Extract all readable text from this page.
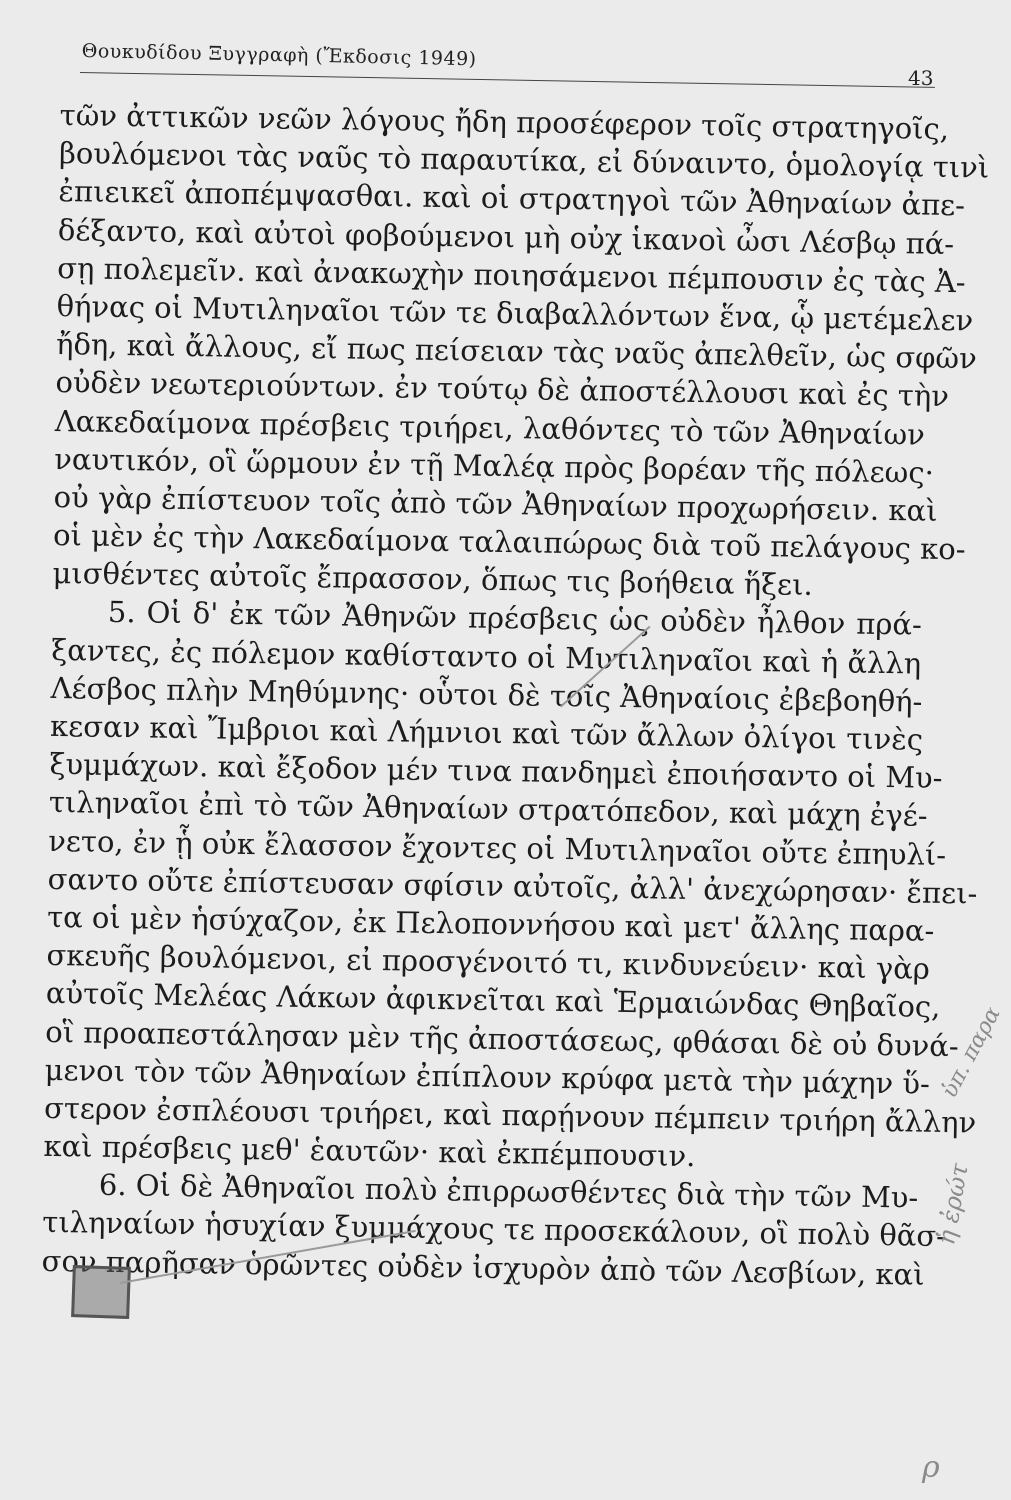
Θουκυδίδου Ξυγγραφὴ (Ἔκδοσις 1949)
43
τῶν ἀττικῶν νεῶν λόγους ἤδη προσέφερον τοῖς στρατηγοῖς,
βουλόμενοι τὰς ναῦς τὸ παραυτίκα, εἰ δύναιντο, ὁμολογίᾳ τινὶ
ἐπιεικεῖ ἀποπέμψασθαι. καὶ οἱ στρατηγοὶ τῶν Ἀθηναίων ἀπε-
δέξαντο, καὶ αὐτοὶ φοβούμενοι μὴ οὐχ ἱκανοὶ ὦσι Λέσβῳ πά-
σῃ πολεμεῖν. καὶ ἀνακωχὴν ποιησάμενοι πέμπουσιν ἐς τὰς Ἀ-
θήνας οἱ Μυτιληναῖοι τῶν τε διαβαλλόντων ἕνα, ᾧ μετέμελεν
ἤδη, καὶ ἄλλους, εἴ πως πείσειαν τὰς ναῦς ἀπελθεῖν, ὡς σφῶν
οὐδὲν νεωτεριούντων. ἐν τούτῳ δὲ ἀποστέλλουσι καὶ ἐς τὴν
Λακεδαίμονα πρέσβεις τριήρει, λαθόντες τὸ τῶν Ἀθηναίων
ναυτικόν, οἳ ὥρμουν ἐν τῇ Μαλέᾳ πρὸς βορέαν τῆς πόλεως·
οὐ γὰρ ἐπίστευον τοῖς ἀπὸ τῶν Ἀθηναίων προχωρήσειν. καὶ
οἱ μὲν ἐς τὴν Λακεδαίμονα ταλαιπώρως διὰ τοῦ πελάγους κο-
μισθέντες αὐτοῖς ἔπρασσον, ὅπως τις βοήθεια ἥξει.
5. Οἱ δ' ἐκ τῶν Ἀθηνῶν πρέσβεις ὡς οὐδὲν ἦλθον πρά-
ξαντες, ἐς πόλεμον καθίσταντο οἱ Μυτιληναῖοι καὶ ἡ ἄλλη
Λέσβος πλὴν Μηθύμνης· οὗτοι δὲ τοῖς Ἀθηναίοις ἐβεβοηθή-
κεσαν καὶ Ἴμβριοι καὶ Λήμνιοι καὶ τῶν ἄλλων ὀλίγοι τινὲς
ξυμμάχων. καὶ ἔξοδον μέν τινα πανδημεὶ ἐποιήσαντο οἱ Μυ-
τιληναῖοι ἐπὶ τὸ τῶν Ἀθηναίων στρατόπεδον, καὶ μάχη ἐγέ-
νετο, ἐν ᾗ οὐκ ἔλασσον ἔχοντες οἱ Μυτιληναῖοι οὔτε ἐπηυλί-
σαντο οὔτε ἐπίστευσαν σφίσιν αὐτοῖς, ἀλλ' ἀνεχώρησαν· ἔπει-
τα οἱ μὲν ἡσύχαζον, ἐκ Πελοποννήσου καὶ μετ' ἄλλης παρα-
σκευῆς βουλόμενοι, εἰ προσγένοιτό τι, κινδυνεύειν· καὶ γὰρ
αὐτοῖς Μελέας Λάκων ἀφικνεῖται καὶ Ἑρμαιώνδας Θηβαῖος,
οἳ προαπεστάλησαν μὲν τῆς ἀποστάσεως, φθάσαι δὲ οὐ δυνά-
μενοι τὸν τῶν Ἀθηναίων ἐπίπλουν κρύφα μετὰ τὴν μάχην ὕ-
στερον ἐσπλέουσι τριήρει, καὶ παρῄνουν πέμπειν τριήρη ἄλλην
καὶ πρέσβεις μεθ' ἑαυτῶν· καὶ ἐκπέμπουσιν.
6. Οἱ δὲ Ἀθηναῖοι πολὺ ἐπιρρωσθέντες διὰ τὴν τῶν Μυ-
τιληναίων ἡσυχίαν ξυμμάχους τε προσεκάλουν, οἳ πολὺ θᾶσ-
σον παρῆσαν ὁρῶντες οὐδὲν ἰσχυρὸν ἀπὸ τῶν Λεσβίων, καὶ
ὑπ. παρα
ἡ ἐρώτ
ρ
